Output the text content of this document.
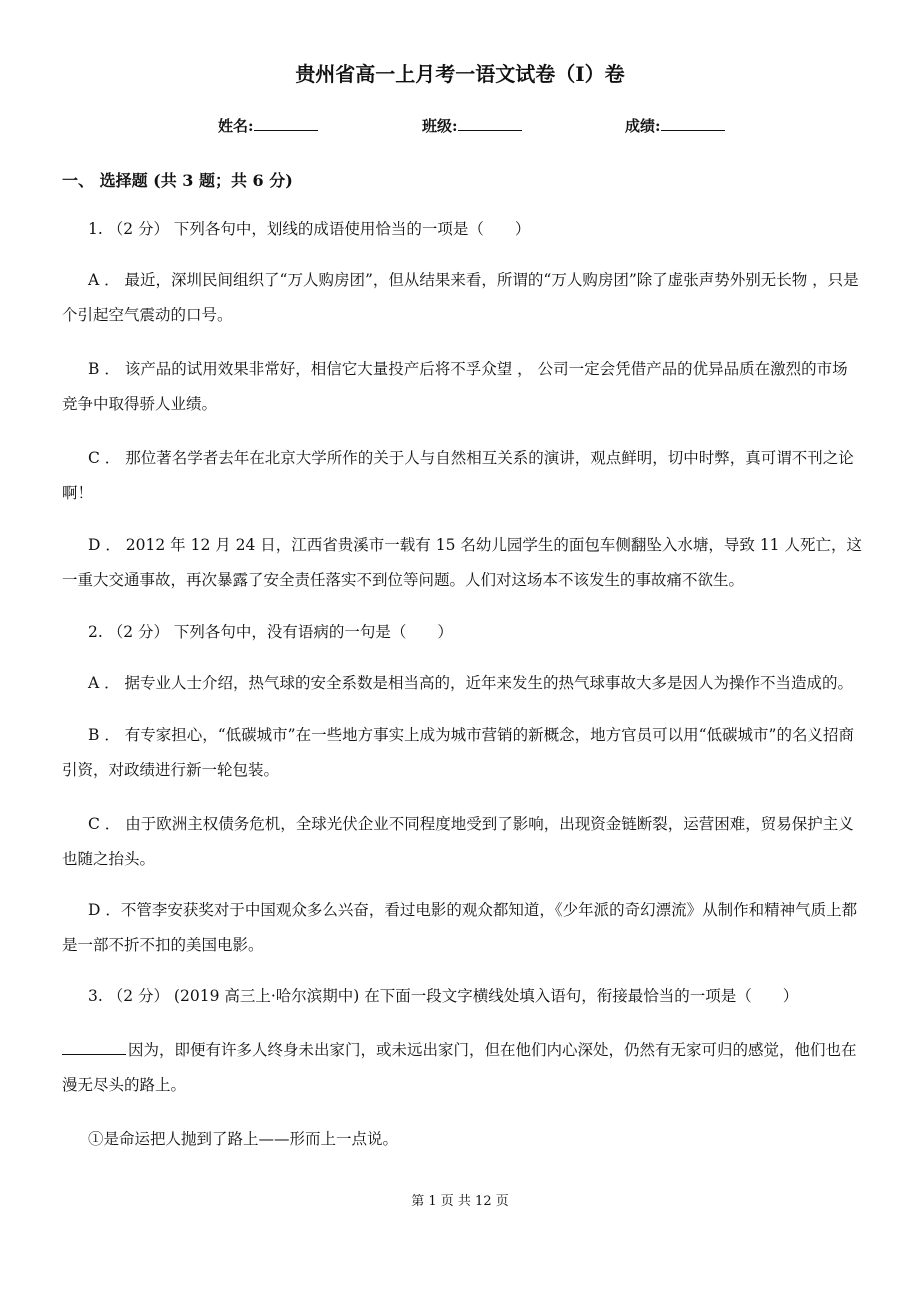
贵州省高一上月考一语文试卷（I）卷
姓名:	班级:	成绩:
一、 选择题 (共 3 题；共 6 分)
1. （2 分） 下列各句中，划线的成语使用恰当的一项是（　　）
A ． 最近，深圳民间组织了“万人购房团”，但从结果来看，所谓的“万人购房团”除了虚张声势外别无长物 ，只是个引起空气震动的口号。
B ． 该产品的试用效果非常好，相信它大量投产后将不孚众望 ， 公司一定会凭借产品的优异品质在激烈的市场竞争中取得骄人业绩。
C ． 那位著名学者去年在北京大学所作的关于人与自然相互关系的演讲，观点鲜明，切中时弊，真可谓不刊之论啊！
D ． 2012 年 12 月 24 日，江西省贵溪市一载有 15 名幼儿园学生的面包车侧翻坠入水塘，导致 11 人死亡，这一重大交通事故，再次暴露了安全责任落实不到位等问题。人们对这场本不该发生的事故痛不欲生。
2. （2 分） 下列各句中，没有语病的一句是（　　）
A ． 据专业人士介绍，热气球的安全系数是相当高的，近年来发生的热气球事故大多是因人为操作不当造成的。
B ． 有专家担心，“低碳城市”在一些地方事实上成为城市营销的新概念，地方官员可以用“低碳城市”的名义招商引资，对政绩进行新一轮包装。
C ． 由于欧洲主权债务危机，全球光伏企业不同程度地受到了影响，出现资金链断裂，运营困难，贸易保护主义也随之抬头。
D ．不管李安获奖对于中国观众多么兴奋，看过电影的观众都知道，《少年派的奇幻漂流》从制作和精神气质上都是一部不折不扣的美国电影。
3. （2 分） (2019 高三上·哈尔滨期中) 在下面一段文字横线处填入语句，衔接最恰当的一项是（　　）
因为，即便有许多人终身未出家门，或未远出家门，但在他们内心深处，仍然有无家可归的感觉，他们也在漫无尽头的路上。
①是命运把人抛到了路上——形而上一点说。
第 1 页 共 12 页
